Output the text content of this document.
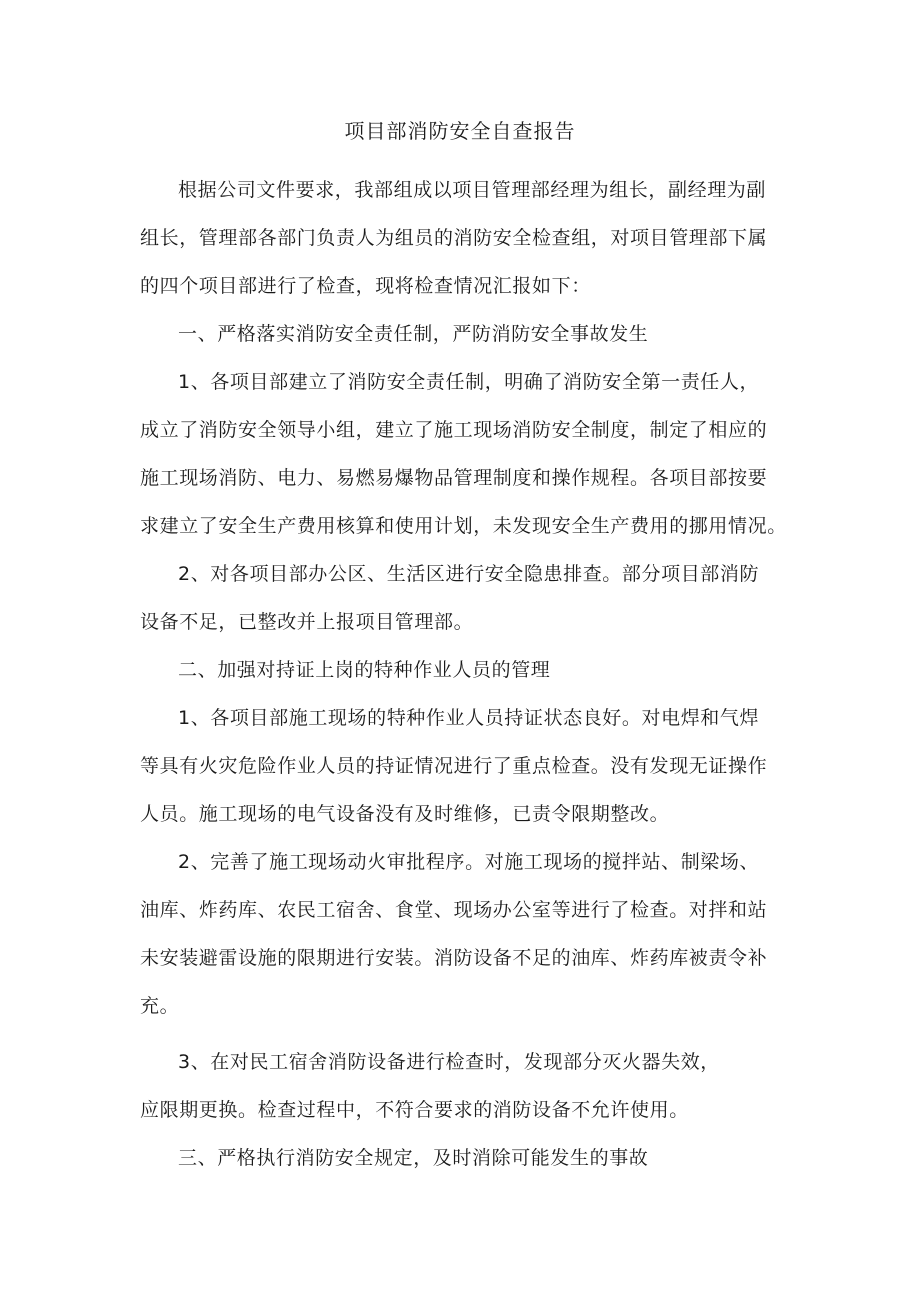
项目部消防安全自查报告
根据公司文件要求，我部组成以项目管理部经理为组长，副经理为副
组长，管理部各部门负责人为组员的消防安全检查组，对项目管理部下属
的四个项目部进行了检查，现将检查情况汇报如下：
一、严格落实消防安全责任制，严防消防安全事故发生
1、各项目部建立了消防安全责任制，明确了消防安全第一责任人，
成立了消防安全领导小组，建立了施工现场消防安全制度，制定了相应的
施工现场消防、电力、易燃易爆物品管理制度和操作规程。各项目部按要
求建立了安全生产费用核算和使用计划，未发现安全生产费用的挪用情况。
2、对各项目部办公区、生活区进行安全隐患排查。部分项目部消防
设备不足，已整改并上报项目管理部。
二、加强对持证上岗的特种作业人员的管理
1、各项目部施工现场的特种作业人员持证状态良好。对电焊和气焊
等具有火灾危险作业人员的持证情况进行了重点检查。没有发现无证操作
人员。施工现场的电气设备没有及时维修，已责令限期整改。
2、完善了施工现场动火审批程序。对施工现场的搅拌站、制梁场、
油库、炸药库、农民工宿舍、食堂、现场办公室等进行了检查。对拌和站
未安装避雷设施的限期进行安装。消防设备不足的油库、炸药库被责令补
充。
3、在对民工宿舍消防设备进行检查时，发现部分灭火器失效，
应限期更换。检查过程中，不符合要求的消防设备不允许使用。
三、严格执行消防安全规定，及时消除可能发生的事故
